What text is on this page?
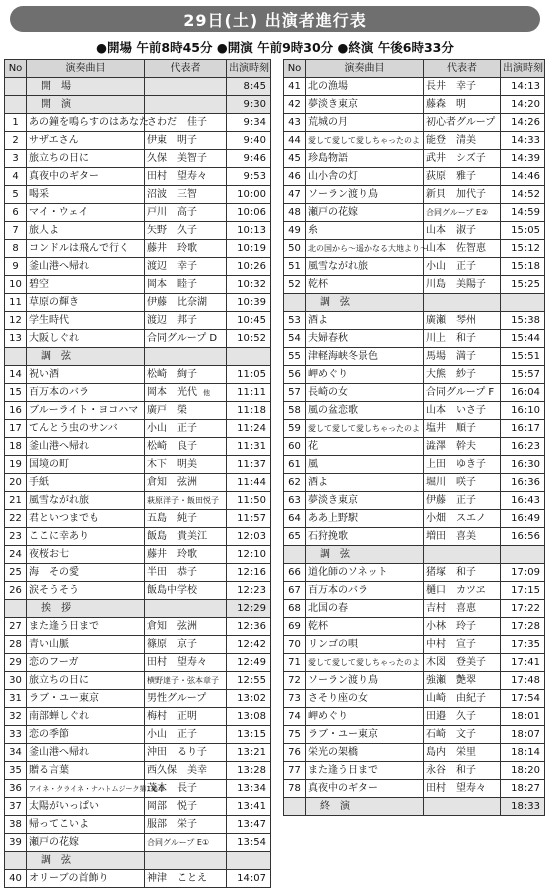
29日(土) 出演者進行表
●開場 午前8時45分 ●開演 午前9時30分 ●終演 午後6時33分
No	演奏曲目	代表者	出演時刻
	開　場		8:45
	開　演		9:30
1	あの鐘を鳴らすのはあなた	さわだ　佳子	9:34
2	サザエさん	伊東　明子	9:40
3	旅立ちの日に	久保　美智子	9:46
4	真夜中のギター	田村　望寿々	9:53
5	喝采	沼波　三智	10:00
6	マイ・ウェイ	戸川　高子	10:06
7	旅人よ	矢野　久子	10:13
8	コンドルは飛んで行く	藤井　玲歌	10:19
9	釜山港へ帰れ	渡辺　幸子	10:26
10	碧空	岡本　睦子	10:32
11	草原の輝き	伊藤　比奈湖	10:39
12	学生時代	渡辺　邦子	10:45
13	大阪しぐれ	合同グループ D	10:52
	調　弦		
14	祝い酒	松崎　絢子	11:05
15	百万本のバラ	岡本　光代 他	11:11
16	ブルーライト・ヨコハマ	廣戸　榮	11:18
17	てんとう虫のサンバ	小山　正子	11:24
18	釜山港へ帰れ	松崎　良子	11:31
19	国境の町	木下　明美	11:37
20	手紙	倉知　弦洲	11:44
21	風雪ながれ旅	萩原洋子・飯田悦子	11:50
22	君といつまでも	五島　純子	11:57
23	ここに幸あり	飯島　貴美江	12:03
24	夜桜お七	藤井　玲歌	12:10
25	海　その愛	半田　恭子	12:16
26	涙そうそう	飯島中学校	12:23
	挨　拶		12:29
27	また逢う日まで	倉知　弦洲	12:36
28	青い山脈	篠原　京子	12:42
29	恋のフーガ	田村　望寿々	12:49
30	旅立ちの日に	横野達子・弦本章子	12:55
31	ラブ・ユー東京	男性グループ	13:02
32	南部蝉しぐれ	梅村　正明	13:08
33	恋の季節	小山　正子	13:15
34	釜山港へ帰れ	沖田　るり子	13:21
35	贈る言葉	西久保　美幸	13:28
36	アイネ・クライネ・ナハトムジーク第1楽章	茂木　長子	13:34
37	太陽がいっぱい	岡部　悦子	13:41
38	帰ってこいよ	服部　栄子	13:47
39	瀬戸の花嫁	合同グループ E①	13:54
	調　弦		
40	オリーブの首飾り	神津　ことえ	14:07
No	演奏曲目	代表者	出演時刻
41	北の漁場	長井　幸子	14:13
42	夢淡き東京	藤森　明	14:20
43	荒城の月	初心者グループ	14:26
44	愛して愛して愛しちゃったのよ	能登　清美	14:33
45	珍島物語	武井　シズ子	14:39
46	山小舎の灯	荻原　雅子	14:46
47	ソーラン渡り鳥	新貝　加代子	14:52
48	瀬戸の花嫁	合同グループ E②	14:59
49	糸	山本　淑子	15:05
50	北の国から～遥かなる大地より～	山本　佐智恵	15:12
51	風雪ながれ旅	小山　正子	15:18
52	乾杯	川島　美陽子	15:25
	調　弦		
53	酒よ	廣瀬　琴州	15:38
54	夫婦春秋	川上　和子	15:44
55	津軽海峡冬景色	馬場　満子	15:51
56	岬めぐり	大熊　紗子	15:57
57	長崎の女	合同グループ F	16:04
58	風の盆恋歌	山本　いさ子	16:10
59	愛して愛して愛しちゃったのよ	塩井　順子	16:17
60	花	澁澤　幹夫	16:23
61	風	上田　ゆき子	16:30
62	酒よ	堀川　咲子	16:36
63	夢淡き東京	伊藤　正子	16:43
64	ああ上野駅	小畑　スエノ	16:49
65	石狩挽歌	増田　喜美	16:56
	調　弦		
66	道化師のソネット	猪塚　和子	17:09
67	百万本のバラ	樋口　カツヱ	17:15
68	北国の春	吉村　喜恵	17:22
69	乾杯	小林　玲子	17:28
70	リンゴの唄	中村　宣子	17:35
71	愛して愛して愛しちゃったのよ	木図　登美子	17:41
72	ソーラン渡り鳥	強瀬　艶翠	17:48
73	さそり座の女	山崎　由紀子	17:54
74	岬めぐり	田邉　久子	18:01
75	ラブ・ユー東京	石崎　文子	18:07
76	栄光の架橋	島内　栄里	18:14
77	また逢う日まで	永谷　和子	18:20
78	真夜中のギター	田村　望寿々	18:27
	終　演		18:33
